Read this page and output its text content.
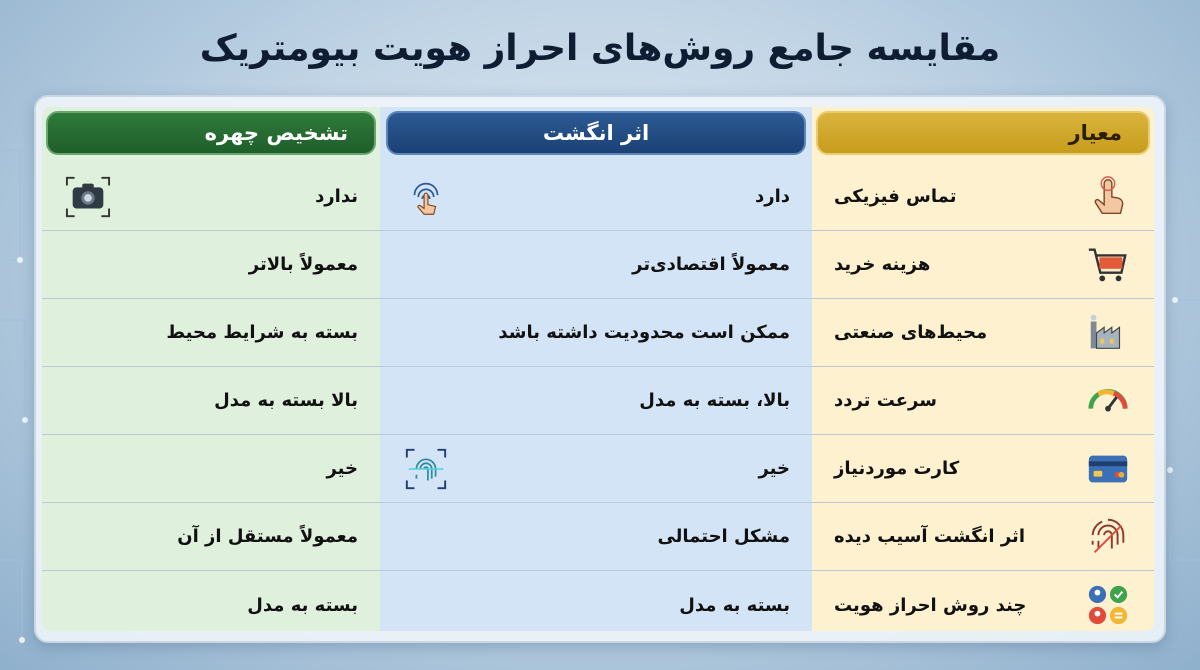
مقایسه جامع روش‌های احراز هویت بیومتریک
معیار
تماس فیزیکی
هزینه خرید
محیط‌های صنعتی
سرعت تردد
کارت موردنیاز
اثر انگشت آسیب دیده
چند روش احراز هویت
اثر انگشت
دارد
معمولاً اقتصادی‌تر
ممکن است محدودیت داشته باشد
بالا، بسته به مدل
خیر
مشکل احتمالی
بسته به مدل
تشخیص چهره
ندارد
معمولاً بالاتر
بسته به شرایط محیط
بالا بسته به مدل
خیر
معمولاً مستقل از آن
بسته به مدل
